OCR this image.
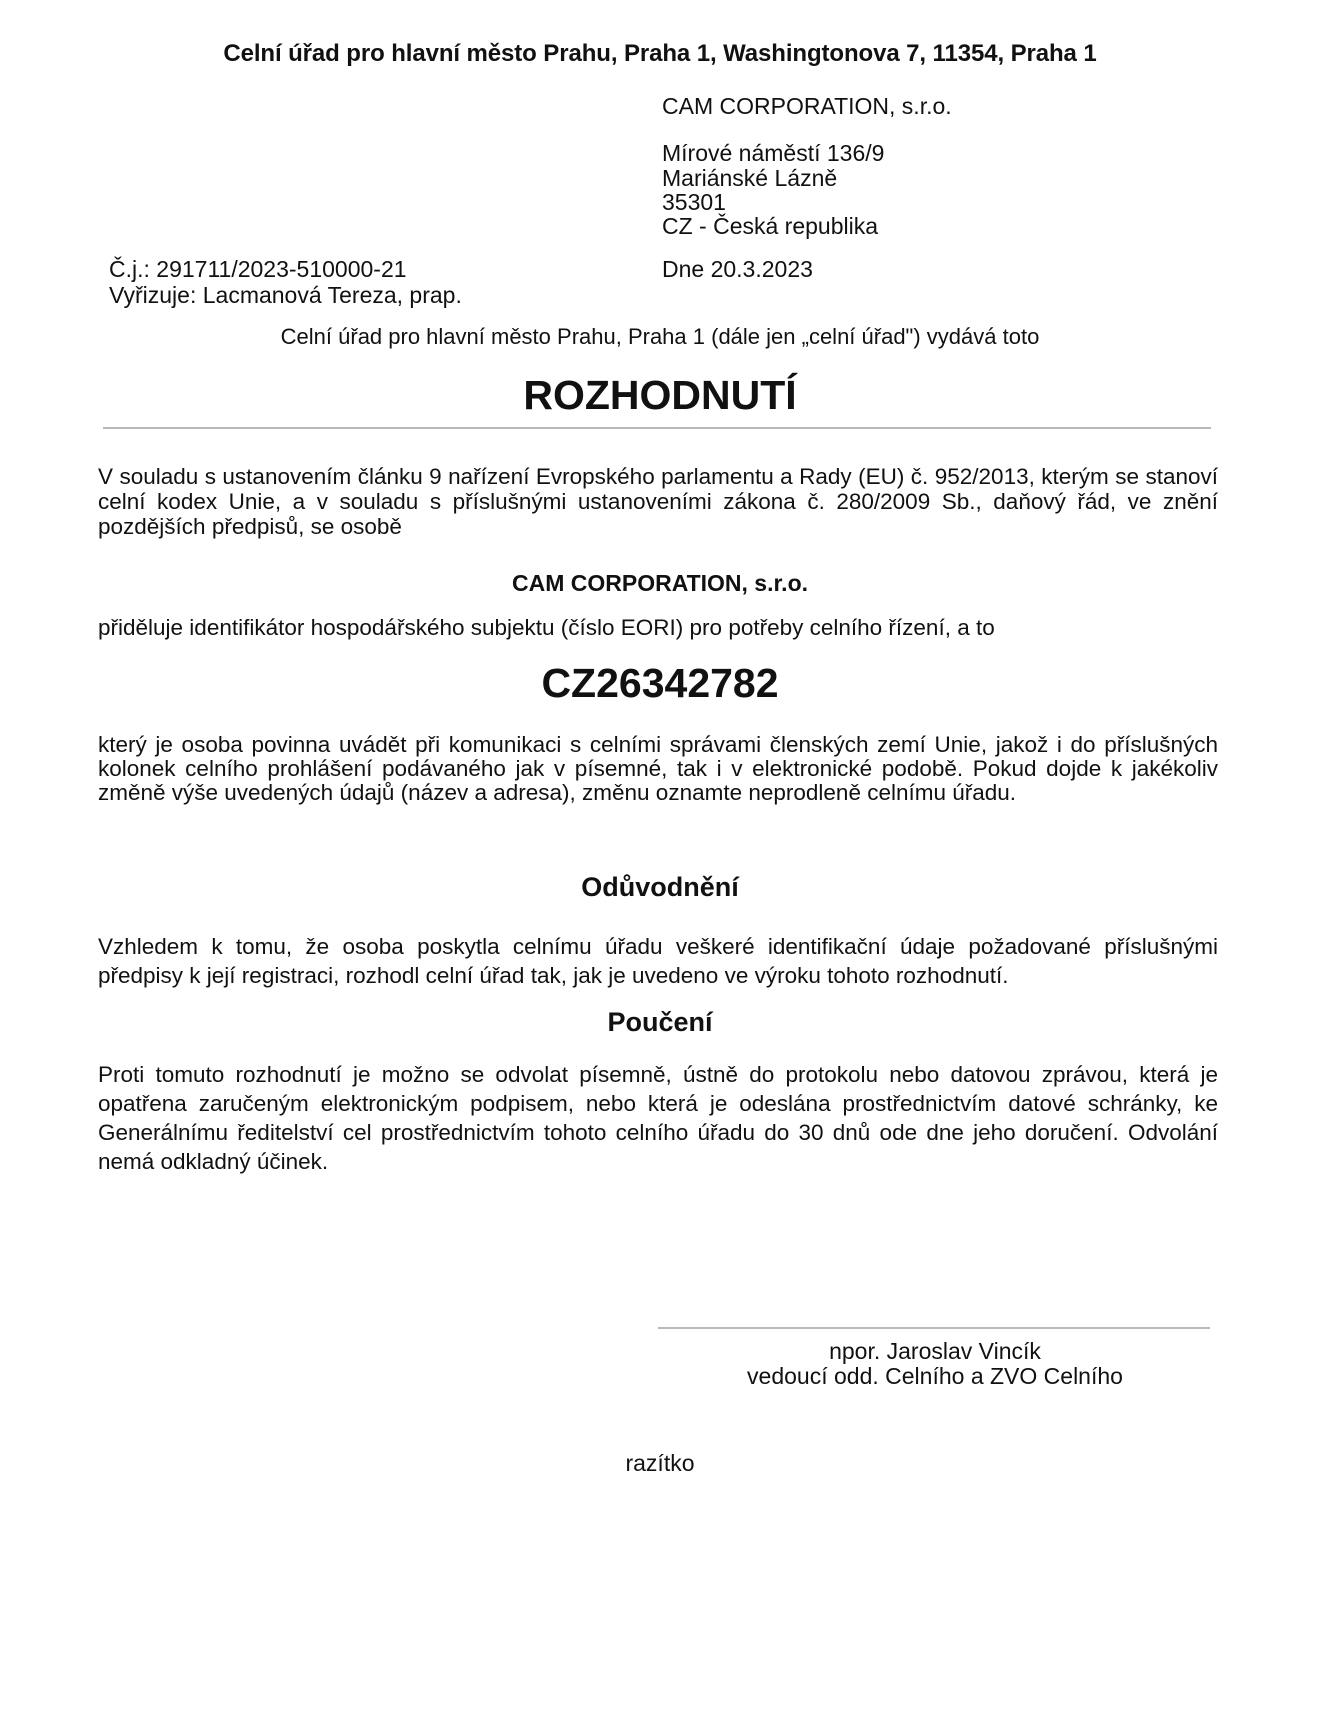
Celní úřad pro hlavní město Prahu, Praha 1, Washingtonova 7, 11354, Praha 1
CAM CORPORATION, s.r.o.
Mírové náměstí 136/9
Mariánské Lázně
35301
CZ - Česká republika
Č.j.: 291711/2023-510000-21
Vyřizuje: Lacmanová Tereza, prap.
Dne 20.3.2023
Celní úřad pro hlavní město Prahu, Praha 1 (dále jen „celní úřad") vydává toto
ROZHODNUTÍ
V souladu s ustanovením článku 9 nařízení Evropského parlamentu a Rady (EU) č. 952/2013, kterým se stanoví celní kodex Unie, a v souladu s příslušnými ustanoveními zákona č. 280/2009 Sb., daňový řád, ve znění pozdějších předpisů, se osobě
CAM CORPORATION, s.r.o.
přiděluje identifikátor hospodářského subjektu (číslo EORI) pro potřeby celního řízení, a to
CZ26342782
který je osoba povinna uvádět při komunikaci s celními správami členských zemí Unie, jakož i do příslušných kolonek celního prohlášení podávaného jak v písemné, tak i v elektronické podobě. Pokud dojde k jakékoliv změně výše uvedených údajů (název a adresa), změnu oznamte neprodleně celnímu úřadu.
Odůvodnění
Vzhledem k tomu, že osoba poskytla celnímu úřadu veškeré identifikační údaje požadované příslušnými předpisy k její registraci, rozhodl celní úřad tak, jak je uvedeno ve výroku tohoto rozhodnutí.
Poučení
Proti tomuto rozhodnutí je možno se odvolat písemně, ústně do protokolu nebo datovou zprávou, která je opatřena zaručeným elektronickým podpisem, nebo která je odeslána prostřednictvím datové schránky, ke Generálnímu ředitelství cel prostřednictvím tohoto celního úřadu do 30 dnů ode dne jeho doručení. Odvolání nemá odkladný účinek.
npor. Jaroslav Vincík
vedoucí odd. Celního a ZVO Celního
razítko
